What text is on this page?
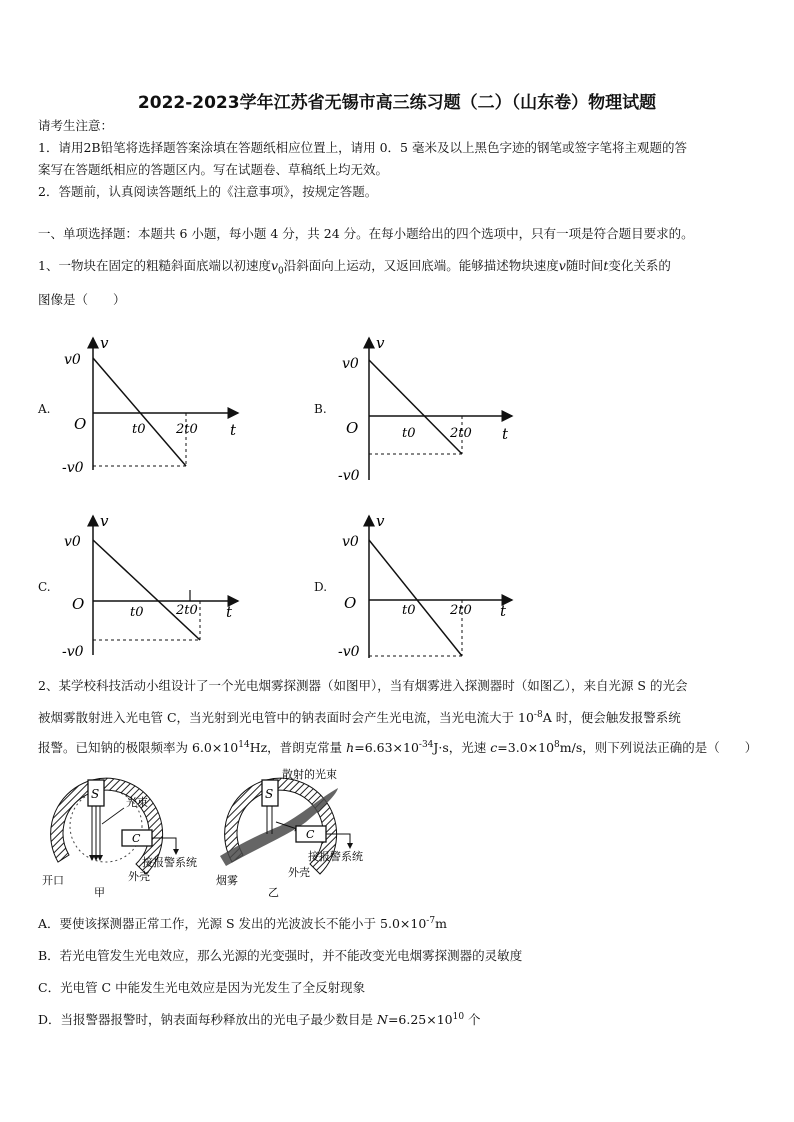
2022-2023学年江苏省无锡市高三练习题（二）（山东卷）物理试题
请考生注意：
1．请用2B铅笔将选择题答案涂填在答题纸相应位置上，请用 0．5 毫米及以上黑色字迹的钢笔或签字笔将主观题的答
案写在答题纸相应的答题区内。写在试题卷、草稿纸上均无效。
2．答题前，认真阅读答题纸上的《注意事项》，按规定答题。
一、单项选择题：本题共 6 小题，每小题 4 分，共 24 分。在每小题给出的四个选项中，只有一项是符合题目要求的。
1、一物块在固定的粗糙斜面底端以初速度$v_0$沿斜面向上运动，又返回底端。能够描述物块速度v随时间t变化关系的
图像是（　　）
A.
v
v0
O	t0 2t0 t
-v0
B.
v
v0
O	t0	2t0 t
-v0
C.
v
v0
O	t0	2t0 t
-v0
D.
v
v0
O	t0	2t0 t
-v0
2、某学校科技活动小组设计了一个光电烟雾探测器（如图甲），当有烟雾进入探测器时（如图乙），来自光源 S 的光会
被烟雾散射进入光电管 C，当光射到光电管中的钠表面时会产生光电流，当光电流大于 $10^{-8}A$ 时，便会触发报警系统
报警。已知钠的极限频率为 $6.0\times 10^{14}Hz$，普朗克常量 $h=6.63\times 10^{-34}J\cdot s$，光速 $c=3.0\times 10^8m/s$，则下列说法正确的是（　　）
S
光束
C
接报警系统
外壳
开口
甲
S
散射的光束
C
接报警系统
烟雾
外壳
乙
A．要使该探测器正常工作，光源 S 发出的光波波长不能小于 $5.0\times 10^{-7}m$
B．若光电管发生光电效应，那么光源的光变强时，并不能改变光电烟雾探测器的灵敏度
C．光电管 C 中能发生光电效应是因为光发生了全反射现象
D．当报警器报警时，钠表面每秒释放出的光电子最少数目是 $N=6.25\times 10^{10}$ 个
